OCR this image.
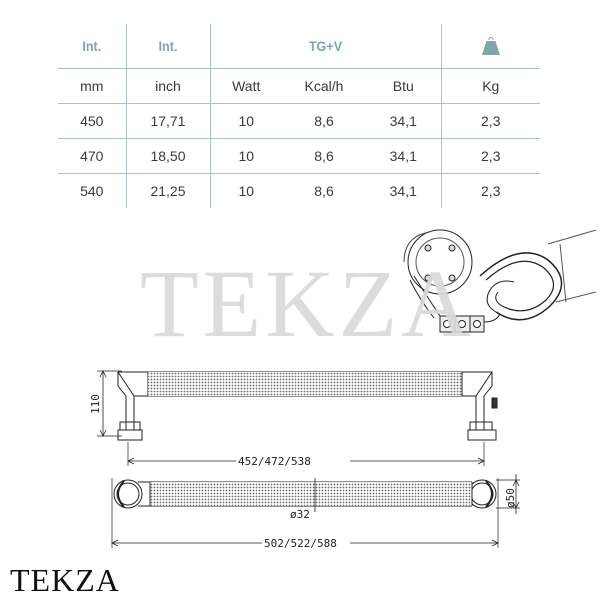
Int.	Int.	TG+V	
mm	inch	Watt	Kcal/h	Btu	Kg
450	17,71	10	8,6	34,1	2,3
470	18,50	10	8,6	34,1	2,3
540	21,25	10	8,6	34,1	2,3
110
452/472/538
ø32
ø50
502/522/588
TEKZA
TEKZA
